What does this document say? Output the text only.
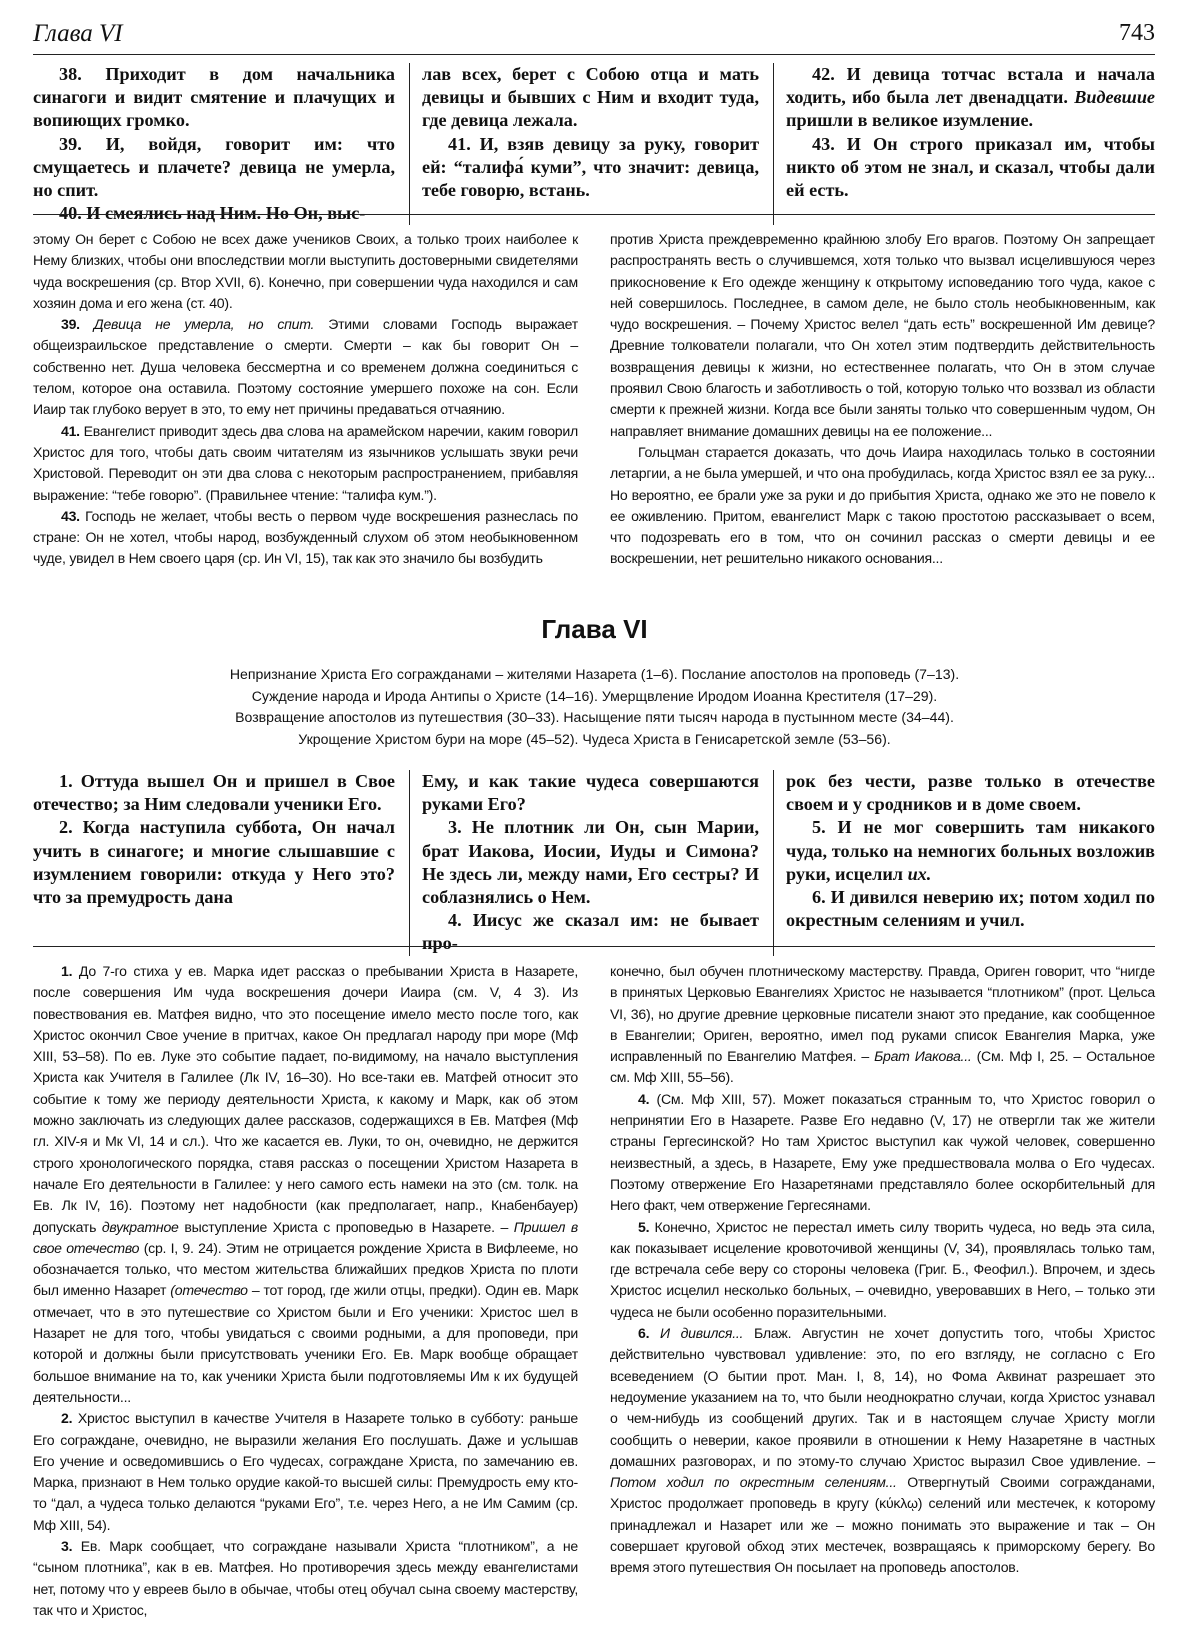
Глава VI	743

38. Приходит в дом начальника синагоги и видит смятение и плачущих и вопиющих громко.

39. И, войдя, говорит им: что смущаетесь и плачете? девица не умерла, но спит.

40. И смеялись над Ним. Но Он, выс-

лав всех, берет с Собою отца и мать девицы и бывших с Ним и входит туда, где девица лежала.

41. И, взяв девицу за руку, говорит ей: “талифа́ куми”, что значит: девица, тебе говорю, встань.

42. И девица тотчас встала и начала ходить, ибо была лет двенадцати. Видевшие пришли в великое изумление.

43. И Он строго приказал им, чтобы никто об этом не знал, и сказал, чтобы дали ей есть.

этому Он берет с Собою не всех даже учеников Своих, а только троих наиболее к Нему близких, чтобы они впоследствии могли выступить достоверными свидетелями чуда воскрешения (ср. Втор XVII, 6). Конечно, при совершении чуда находился и сам хозяин дома и его жена (ст. 40).

39. Девица не умерла, но спит. Этими словами Господь выражает общеизраильское представление о смерти. Смерти – как бы говорит Он – собственно нет. Душа человека бессмертна и со временем должна соединиться с телом, которое она оставила. Поэтому состояние умершего похоже на сон. Если Иаир так глубоко верует в это, то ему нет причины предаваться отчаянию.

41. Евангелист приводит здесь два слова на арамейском наречии, каким говорил Христос для того, чтобы дать своим читателям из язычников услышать звуки речи Христовой. Переводит он эти два слова с некоторым распространением, прибавляя выражение: “тебе говорю”. (Правильнее чтение: “талифа кум.”).

43. Господь не желает, чтобы весть о первом чуде воскрешения разнеслась по стране: Он не хотел, чтобы народ, возбужденный слухом об этом необыкновенном чуде, увидел в Нем своего царя (ср. Ин VI, 15), так как это значило бы возбудить

против Христа преждевременно крайнюю злобу Его врагов. Поэтому Он запрещает распространять весть о случившемся, хотя только что вызвал исцелившуюся через прикосновение к Его одежде женщину к открытому исповеданию того чуда, какое с ней совершилось. Последнее, в самом деле, не было столь необыкновенным, как чудо воскрешения. – Почему Христос велел “дать есть” воскрешенной Им девице? Древние толкователи полагали, что Он хотел этим подтвердить действительность возвращения девицы к жизни, но естественнее полагать, что Он в этом случае проявил Свою благость и заботливость о той, которую только что воззвал из области смерти к прежней жизни. Когда все были заняты только что совершенным чудом, Он направляет внимание домашних девицы на ее положение...

Гольцман старается доказать, что дочь Иаира находилась только в состоянии летаргии, а не была умершей, и что она пробудилась, когда Христос взял ее за руку... Но вероятно, ее брали уже за руки и до прибытия Христа, однако же это не повело к ее оживлению. Притом, евангелист Марк с такою простотою рассказывает о всем, что подозревать его в том, что он сочинил рассказ о смерти девицы и ее воскрешении, нет решительно никакого основания...

Глава VI
Непризнание Христа Его согражданами – жителями Назарета (1–6). Послание апостолов на проповедь (7–13).
Суждение народа и Ирода Антипы о Христе (14–16). Умерщвление Иродом Иоанна Крестителя (17–29).
Возвращение апостолов из путешествия (30–33). Насыщение пяти тысяч народа в пустынном месте (34–44).
Укрощение Христом бури на море (45–52). Чудеса Христа в Генисаретской земле (53–56).

1. Оттуда вышел Он и пришел в Свое отечество; за Ним следовали ученики Его.

2. Когда наступила суббота, Он начал учить в синагоге; и многие слышавшие с изумлением говорили: откуда у Него это? что за премудрость дана

Ему, и как такие чудеса совершаются руками Его?

3. Не плотник ли Он, сын Марии, брат Иакова, Иосии, Иуды и Симона? Не здесь ли, между нами, Его сестры? И соблазнялись о Нем.

4. Иисус же сказал им: не бывает про-

рок без чести, разве только в отечестве своем и у сродников и в доме своем.

5. И не мог совершить там никакого чуда, только на немногих больных возложив руки, исцелил их.

6. И дивился неверию их; потом ходил по окрестным селениям и учил.

1. До 7-го стиха у ев. Марка идет рассказ о пребывании Христа в Назарете, после совершения Им чуда воскрешения дочери Иаира (см. V, 4 3). Из повествования ев. Матфея видно, что это посещение имело место после того, как Христос окончил Свое учение в притчах, какое Он предлагал народу при море (Мф XIII, 53–58). По ев. Луке это событие падает, по-видимому, на начало выступления Христа как Учителя в Галилее (Лк IV, 16–30). Но все-таки ев. Матфей относит это событие к тому же периоду деятельности Христа, к какому и Марк, как об этом можно заключать из следующих далее рассказов, содержащихся в Ев. Матфея (Мф гл. XIV-я и Мк VI, 14 и сл.). Что же касается ев. Луки, то он, очевидно, не держится строго хронологического порядка, ставя рассказ о посещении Христом Назарета в начале Его деятельности в Галилее: у него самого есть намеки на это (см. толк. на Ев. Лк IV, 16). Поэтому нет надобности (как предполагает, напр., Кнабенбауер) допускать двукратное выступление Христа с проповедью в Назарете. – Пришел в свое отечество (ср. I, 9. 24). Этим не отрицается рождение Христа в Вифлееме, но обозначается только, что местом жительства ближайших предков Христа по плоти был именно Назарет (отечество – тот город, где жили отцы, предки). Один ев. Марк отмечает, что в это путешествие со Христом были и Его ученики: Христос шел в Назарет не для того, чтобы увидаться с своими родными, а для проповеди, при которой и должны были присутствовать ученики Его. Ев. Марк вообще обращает большое внимание на то, как ученики Христа были подготовляемы Им к их будущей деятельности...

2. Христос выступил в качестве Учителя в Назарете только в субботу: раньше Его сограждане, очевидно, не выразили желания Его послушать. Даже и услышав Его учение и осведомившись о Его чудесах, сограждане Христа, по замечанию ев. Марка, признают в Нем только орудие какой-то высшей силы: Премудрость ему кто-то “дал, а чудеса только делаются “руками Его”, т.е. через Него, а не Им Самим (ср. Мф XIII, 54).

3. Ев. Марк сообщает, что сограждане называли Христа “плотником”, а не “сыном плотника”, как в ев. Матфея. Но противоречия здесь между евангелистами нет, потому что у евреев было в обычае, чтобы отец обучал сына своему мастерству, так что и Христос,

конечно, был обучен плотническому мастерству. Правда, Ориген говорит, что “нигде в принятых Церковью Евангелиях Христос не называется “плотником” (прот. Цельса VI, 36), но другие древние церковные писатели знают это предание, как сообщенное в Евангелии; Ориген, вероятно, имел под руками список Евангелия Марка, уже исправленный по Евангелию Матфея. – Брат Иакова... (См. Мф I, 25. – Остальное см. Мф XIII, 55–56).

4. (См. Мф XIII, 57). Может показаться странным то, что Христос говорил о непринятии Его в Назарете. Разве Его недавно (V, 17) не отвергли так же жители страны Гергесинской? Но там Христос выступил как чужой человек, совершенно неизвестный, а здесь, в Назарете, Ему уже предшествовала молва о Его чудесах. Поэтому отвержение Его Назаретянами представляло более оскорбительный для Него факт, чем отвержение Гергесянами.

5. Конечно, Христос не перестал иметь силу творить чудеса, но ведь эта сила, как показывает исцеление кровоточивой женщины (V, 34), проявлялась только там, где встречала себе веру со стороны человека (Григ. Б., Феофил.). Впрочем, и здесь Христос исцелил несколько больных, – очевидно, уверовавших в Него, – только эти чудеса не были особенно поразительными.

6. И дивился... Блаж. Августин не хочет допустить того, чтобы Христос действительно чувствовал удивление: это, по его взгляду, не согласно с Его всеведением (О бытии прот. Ман. I, 8, 14), но Фома Аквинат разрешает это недоумение указанием на то, что были неоднократно случаи, когда Христос узнавал о чем-нибудь из сообщений других. Так и в настоящем случае Христу могли сообщить о неверии, какое проявили в отношении к Нему Назаретяне в частных домашних разговорах, и по этому-то случаю Христос выразил Свое удивление. – Потом ходил по окрестным селениям... Отвергнутый Своими согражданами, Христос продолжает проповедь в кругу (κύκλῳ) селений или местечек, к которому принадлежал и Назарет или же – можно понимать это выражение и так – Он совершает круговой обход этих местечек, возвращаясь к приморскому берегу. Во время этого путешествия Он посылает на проповедь апостолов.
